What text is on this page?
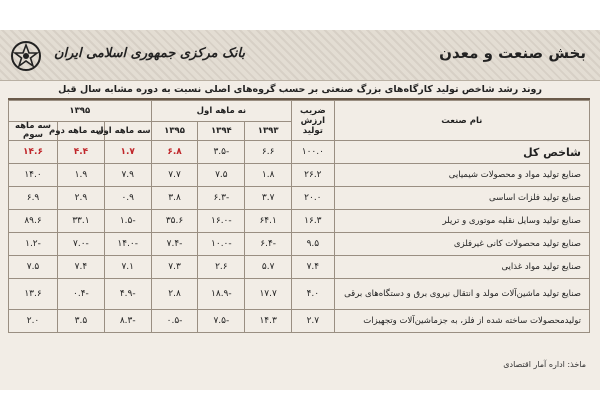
بخش صنعت و معدن
بانک مرکزی جمهوری اسلامی ایران
روند رشد شاخص تولید کارگاه‌های بزرگ صنعتی بر حسب گروه‌های اصلی نسبت به دوره مشابه سال قبل
نام صنعت	ضریب ارزش تولید	نه ماهه اول			۱۳۹۵		
		۱۳۹۳	۱۳۹۴	۱۳۹۵	سه ماهه اول	سه ماهه دوم	سه ماهه سوم
شاخص کل	۱۰۰.۰	۶.۶	-۳.۵	۶.۸	۱.۷	۴.۴	۱۴.۶
صنایع تولید مواد و محصولات شیمیایی	۲۶.۲	۱.۸	۷.۵	۷.۷	۷.۹	۱.۹	۱۴.۰
صنایع تولید فلزات اساسی	۲۰.۰	۳.۷	-۶.۳	۳.۸	۰.۹	۲.۹	۶.۹
صنایع تولید وسایل نقلیه موتوری و تریلر	۱۶.۳	۶۴.۱	-۱۶.۰	۳۵.۶	-۱.۵	۳۳.۱	۸۹.۶
صنایع تولید محصولات کانی غیرفلزی	۹.۵	-۶.۴	-۱۰.۰	-۷.۴	-۱۴.۰	-۷.۰	-۱.۲
صنایع تولید مواد غذایی	۷.۴	۵.۷	۲.۶	۷.۳	۷.۱	۷.۴	۷.۵
صنایع تولید ماشین‌آلات مولد و انتقال نیروی برق و دستگاه‌های برقی	۴.۰	۱۷.۷	-۱۸.۹	۲.۸	-۴.۹	-۰.۴	۱۳.۶
تولیدمحصولات ساخته شده از فلز، به جزماشین‌آلات وتجهیزات	۲.۷	۱۴.۳	-۷.۵	-۰.۵	-۸.۳	۳.۵	۲.۰
ماخذ: اداره آمار اقتصادی
